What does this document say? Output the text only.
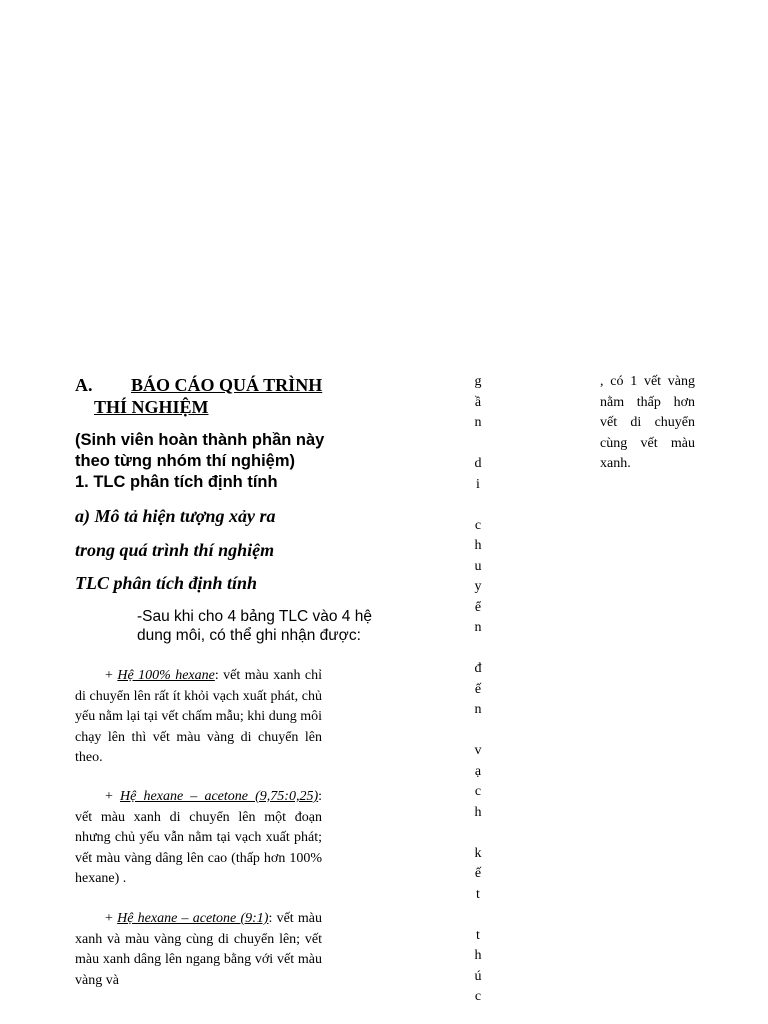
A. BÁO CÁO QUÁ TRÌNH
THÍ NGHIỆM
(Sinh viên hoàn thành phần này
theo từng nhóm thí nghiệm)
1. TLC phân tích định tính
a) Mô tả hiện tượng xảy ra
trong quá trình thí nghiệm
TLC phân tích định tính
-Sau khi cho 4 bảng TLC vào 4 hệ dung môi, có thể ghi nhận được:
+ Hệ 100% hexane: vết màu xanh chỉ di chuyển lên rất ít khỏi vạch xuất phát, chủ yếu nằm lại tại vết chấm mẫu; khi dung môi chạy lên thì vết màu vàng di chuyển lên theo.
+ Hệ hexane – acetone (9,75:0,25): vết màu xanh di chuyển lên một đoạn nhưng chủ yếu vẫn nằm tại vạch xuất phát; vết màu vàng dâng lên cao (thấp hơn 100% hexane) .
+ Hệ hexane – acetone (9:1): vết màu xanh và màu vàng cùng di chuyển lên; vết màu xanh dâng lên ngang bằng với vết màu vàng và
g
ầ
n
d
i
c
h
u
y
ể
n
đ
ế
n
v
ạ
c
h
k
ế
t
t
h
ú
c
, có 1 vết vàng nằm thấp hơn vết di chuyển cùng vết màu xanh.
